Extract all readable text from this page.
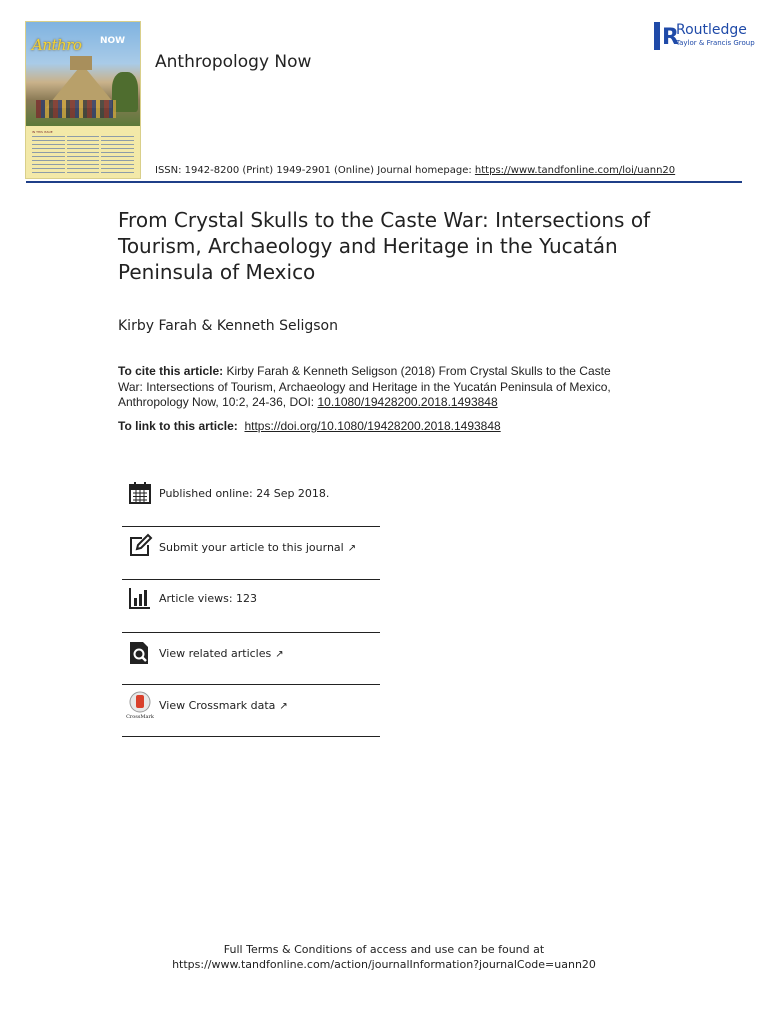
Anthro NOW
IN THIS ISSUE
Anthropology Now
R
Routledge
Taylor & Francis Group
ISSN: 1942-8200 (Print) 1949-2901 (Online) Journal homepage: https://www.tandfonline.com/loi/uann20
From Crystal Skulls to the Caste War: Intersections of Tourism, Archaeology and Heritage in the Yucatán Peninsula of Mexico
Kirby Farah & Kenneth Seligson
To cite this article: Kirby Farah & Kenneth Seligson (2018) From Crystal Skulls to the Caste War: Intersections of Tourism, Archaeology and Heritage in the Yucatán Peninsula of Mexico, Anthropology Now, 10:2, 24-36, DOI: 10.1080/19428200.2018.1493848
To link to this article: https://doi.org/10.1080/19428200.2018.1493848
Published online: 24 Sep 2018.
Submit your article to this journal ↗
Article views: 123
View related articles ↗
CrossMark
View Crossmark data ↗
Full Terms & Conditions of access and use can be found at
https://www.tandfonline.com/action/journalInformation?journalCode=uann20
